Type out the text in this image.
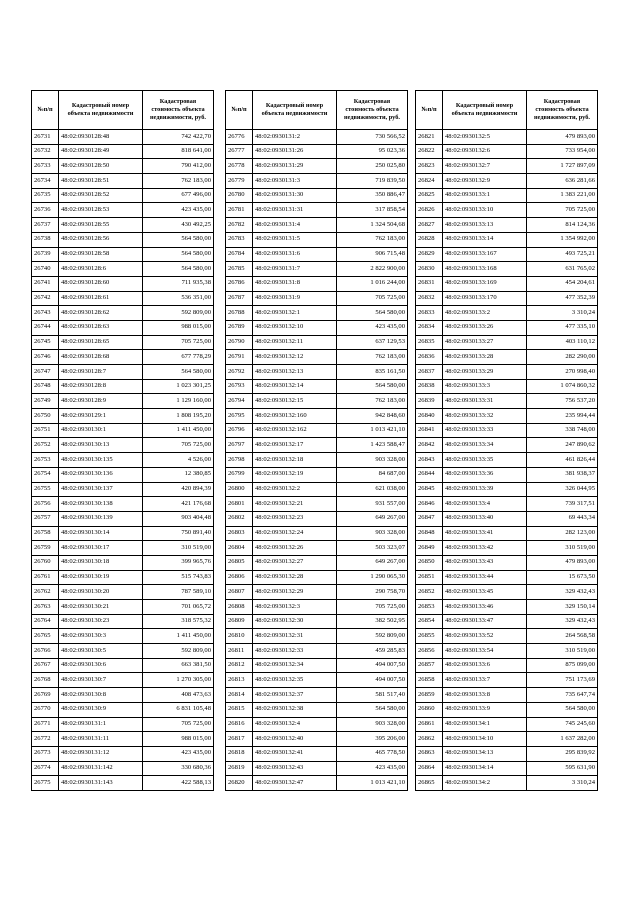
№п/п	Кадастровый номер объекта недвижимости	Кадастровая стоимость объекта недвижимости, руб.
26731	48:02:0930128:48	742 422,70
26732	48:02:0930128:49	818 641,00
26733	48:02:0930128:50	790 412,00
26734	48:02:0930128:51	762 183,00
26735	48:02:0930128:52	677 496,00
26736	48:02:0930128:53	423 435,00
26737	48:02:0930128:55	430 492,25
26738	48:02:0930128:56	564 580,00
26739	48:02:0930128:58	564 580,00
26740	48:02:0930128:6	564 580,00
26741	48:02:0930128:60	711 935,38
26742	48:02:0930128:61	536 351,00
26743	48:02:0930128:62	592 809,00
26744	48:02:0930128:63	988 015,00
26745	48:02:0930128:65	705 725,00
26746	48:02:0930128:68	677 778,29
26747	48:02:0930128:7	564 580,00
26748	48:02:0930128:8	1 023 301,25
26749	48:02:0930128:9	1 129 160,00
26750	48:02:0930129:1	1 808 195,20
26751	48:02:0930130:1	1 411 450,00
26752	48:02:0930130:13	705 725,00
26753	48:02:0930130:135	4 526,00
26754	48:02:0930130:136	12 380,85
26755	48:02:0930130:137	420 894,39
26756	48:02:0930130:138	421 176,68
26757	48:02:0930130:139	903 404,48
26758	48:02:0930130:14	750 891,40
26759	48:02:0930130:17	310 519,00
26760	48:02:0930130:18	399 965,76
26761	48:02:0930130:19	515 743,83
26762	48:02:0930130:20	787 589,10
26763	48:02:0930130:21	701 065,72
26764	48:02:0930130:23	318 575,32
26765	48:02:0930130:3	1 411 450,00
26766	48:02:0930130:5	592 809,00
26767	48:02:0930130:6	663 381,50
26768	48:02:0930130:7	1 270 305,00
26769	48:02:0930130:8	408 473,63
26770	48:02:0930130:9	6 831 105,48
26771	48:02:0930131:1	705 725,00
26772	48:02:0930131:11	988 015,00
26773	48:02:0930131:12	423 435,00
26774	48:02:0930131:142	330 680,36
26775	48:02:0930131:143	422 588,13
№п/п	Кадастровый номер объекта недвижимости	Кадастровая стоимость объекта недвижимости, руб.
26776	48:02:0930131:2	730 566,52
26777	48:02:0930131:26	95 023,36
26778	48:02:0930131:29	250 025,80
26779	48:02:0930131:3	719 839,50
26780	48:02:0930131:30	350 886,47
26781	48:02:0930131:31	317 858,54
26782	48:02:0930131:4	1 324 504,68
26783	48:02:0930131:5	762 183,00
26784	48:02:0930131:6	906 715,48
26785	48:02:0930131:7	2 822 900,00
26786	48:02:0930131:8	1 016 244,00
26787	48:02:0930131:9	705 725,00
26788	48:02:0930132:1	564 580,00
26789	48:02:0930132:10	423 435,00
26790	48:02:0930132:11	637 129,53
26791	48:02:0930132:12	762 183,00
26792	48:02:0930132:13	835 161,50
26793	48:02:0930132:14	564 580,00
26794	48:02:0930132:15	762 183,00
26795	48:02:0930132:160	942 848,60
26796	48:02:0930132:162	1 013 421,10
26797	48:02:0930132:17	1 423 588,47
26798	48:02:0930132:18	903 328,00
26799	48:02:0930132:19	84 687,00
26800	48:02:0930132:2	621 038,00
26801	48:02:0930132:21	931 557,00
26802	48:02:0930132:23	649 267,00
26803	48:02:0930132:24	903 328,00
26804	48:02:0930132:26	503 323,07
26805	48:02:0930132:27	649 267,00
26806	48:02:0930132:28	1 290 065,30
26807	48:02:0930132:29	290 758,70
26808	48:02:0930132:3	705 725,00
26809	48:02:0930132:30	382 502,95
26810	48:02:0930132:31	592 809,00
26811	48:02:0930132:33	459 285,83
26812	48:02:0930132:34	494 007,50
26813	48:02:0930132:35	494 007,50
26814	48:02:0930132:37	581 517,40
26815	48:02:0930132:38	564 580,00
26816	48:02:0930132:4	903 328,00
26817	48:02:0930132:40	395 206,00
26818	48:02:0930132:41	465 778,50
26819	48:02:0930132:43	423 435,00
26820	48:02:0930132:47	1 013 421,10
№п/п	Кадастровый номер объекта недвижимости	Кадастровая стоимость объекта недвижимости, руб.
26821	48:02:0930132:5	479 893,00
26822	48:02:0930132:6	733 954,00
26823	48:02:0930132:7	1 727 897,09
26824	48:02:0930132:9	636 281,66
26825	48:02:0930133:1	1 383 221,00
26826	48:02:0930133:10	705 725,00
26827	48:02:0930133:13	814 124,36
26828	48:02:0930133:14	1 354 992,00
26829	48:02:0930133:167	493 725,21
26830	48:02:0930133:168	631 765,02
26831	48:02:0930133:169	454 204,61
26832	48:02:0930133:170	477 352,39
26833	48:02:0930133:2	3 310,24
26834	48:02:0930133:26	477 335,10
26835	48:02:0930133:27	403 110,12
26836	48:02:0930133:28	282 290,00
26837	48:02:0930133:29	270 998,40
26838	48:02:0930133:3	1 074 860,32
26839	48:02:0930133:31	756 537,20
26840	48:02:0930133:32	235 994,44
26841	48:02:0930133:33	338 748,00
26842	48:02:0930133:34	247 890,62
26843	48:02:0930133:35	461 826,44
26844	48:02:0930133:36	381 938,37
26845	48:02:0930133:39	326 044,95
26846	48:02:0930133:4	739 317,51
26847	48:02:0930133:40	69 443,34
26848	48:02:0930133:41	282 123,00
26849	48:02:0930133:42	310 519,00
26850	48:02:0930133:43	479 893,00
26851	48:02:0930133:44	15 673,50
26852	48:02:0930133:45	329 432,43
26853	48:02:0930133:46	329 150,14
26854	48:02:0930133:47	329 432,43
26855	48:02:0930133:52	264 568,58
26856	48:02:0930133:54	310 519,00
26857	48:02:0930133:6	875 099,00
26858	48:02:0930133:7	751 173,69
26859	48:02:0930133:8	735 647,74
26860	48:02:0930133:9	564 580,00
26861	48:02:0930134:1	745 245,60
26862	48:02:0930134:10	1 637 282,00
26863	48:02:0930134:13	295 839,92
26864	48:02:0930134:14	595 631,90
26865	48:02:0930134:2	3 310,24
